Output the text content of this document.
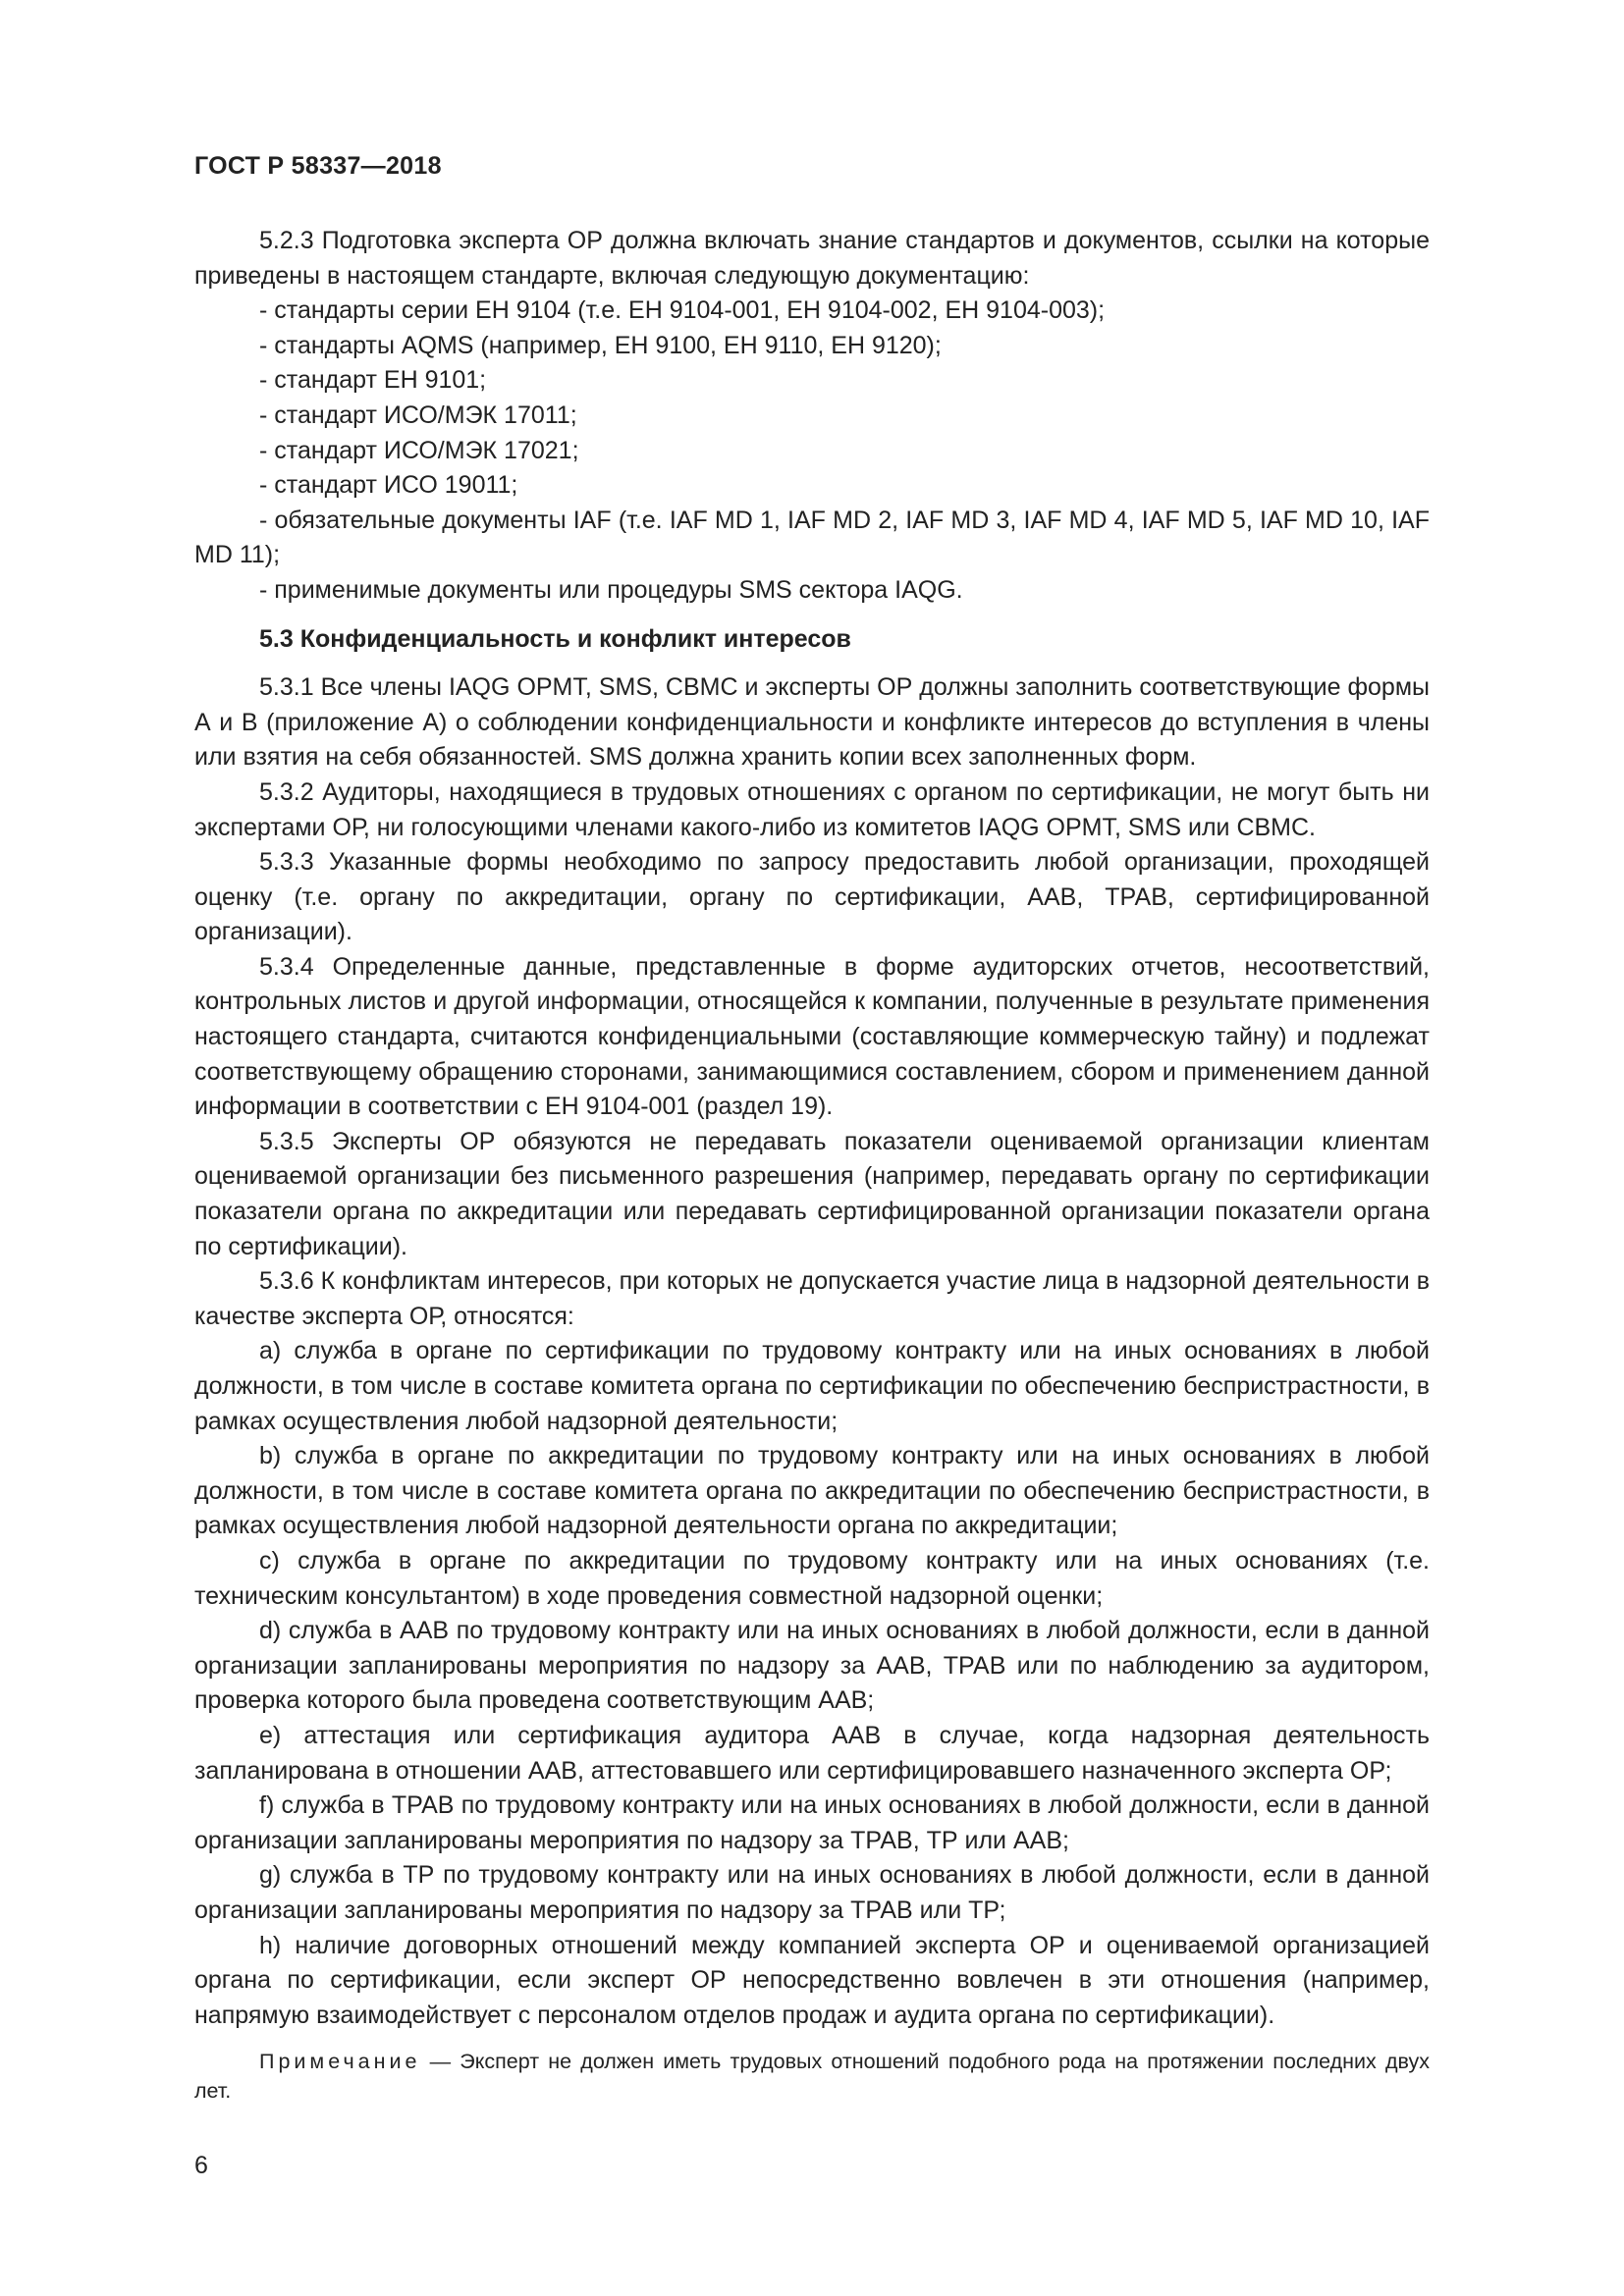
ГОСТ Р 58337—2018

5.2.3 Подготовка эксперта ОР должна включать знание стандартов и документов, ссылки на которые приведены в настоящем стандарте, включая следующую документацию:

- стандарты серии ЕН 9104 (т.е. ЕН 9104-001, ЕН 9104-002, ЕН 9104-003);

- стандарты AQMS (например, ЕН 9100, ЕН 9110, ЕН 9120);

- стандарт ЕН 9101;

- стандарт ИСО/МЭК 17011;

- стандарт ИСО/МЭК 17021;

- стандарт ИСО 19011;

- обязательные документы IAF (т.е. IAF MD 1, IAF MD 2, IAF MD 3, IAF MD 4, IAF MD 5, IAF MD 10, IAF MD 11);

- применимые документы или процедуры SMS сектора IAQG.

5.3 Конфиденциальность и конфликт интересов

5.3.1 Все члены IAQG OPMT, SMS, СВМС и эксперты ОР должны заполнить соответствующие формы А и В (приложение А) о соблюдении конфиденциальности и конфликте интересов до вступления в члены или взятия на себя обязанностей. SMS должна хранить копии всех заполненных форм.

5.3.2 Аудиторы, находящиеся в трудовых отношениях с органом по сертификации, не могут быть ни экспертами ОР, ни голосующими членами какого-либо из комитетов IAQG OPMT, SMS или СВМС.

5.3.3 Указанные формы необходимо по запросу предоставить любой организации, проходящей оценку (т.е. органу по аккредитации, органу по сертификации, ААВ, ТРАВ, сертифицированной организации).

5.3.4 Определенные данные, представленные в форме аудиторских отчетов, несоответствий, контрольных листов и другой информации, относящейся к компании, полученные в результате применения настоящего стандарта, считаются конфиденциальными (составляющие коммерческую тайну) и подлежат соответствующему обращению сторонами, занимающимися составлением, сбором и применением данной информации в соответствии с ЕН 9104-001 (раздел 19).

5.3.5 Эксперты ОР обязуются не передавать показатели оцениваемой организации клиентам оцениваемой организации без письменного разрешения (например, передавать органу по сертификации показатели органа по аккредитации или передавать сертифицированной организации показатели органа по сертификации).

5.3.6 К конфликтам интересов, при которых не допускается участие лица в надзорной деятельности в качестве эксперта ОР, относятся:

a) служба в органе по сертификации по трудовому контракту или на иных основаниях в любой должности, в том числе в составе комитета органа по сертификации по обеспечению беспристрастности, в рамках осуществления любой надзорной деятельности;

b) служба в органе по аккредитации по трудовому контракту или на иных основаниях в любой должности, в том числе в составе комитета органа по аккредитации по обеспечению беспристрастности, в рамках осуществления любой надзорной деятельности органа по аккредитации;

c) служба в органе по аккредитации по трудовому контракту или на иных основаниях (т.е. техническим консультантом) в ходе проведения совместной надзорной оценки;

d) служба в ААВ по трудовому контракту или на иных основаниях в любой должности, если в данной организации запланированы мероприятия по надзору за ААВ, ТРАВ или по наблюдению за аудитором, проверка которого была проведена соответствующим ААВ;

e) аттестация или сертификация аудитора ААВ в случае, когда надзорная деятельность запланирована в отношении ААВ, аттестовавшего или сертифицировавшего назначенного эксперта ОР;

f) служба в ТРАВ по трудовому контракту или на иных основаниях в любой должности, если в данной организации запланированы мероприятия по надзору за ТРАВ, ТР или ААВ;

g) служба в ТР по трудовому контракту или на иных основаниях в любой должности, если в данной организации запланированы мероприятия по надзору за ТРАВ или ТР;

h) наличие договорных отношений между компанией эксперта ОР и оцениваемой организацией органа по сертификации, если эксперт ОР непосредственно вовлечен в эти отношения (например, напрямую взаимодействует с персоналом отделов продаж и аудита органа по сертификации).

Примечание — Эксперт не должен иметь трудовых отношений подобного рода на протяжении последних двух лет.

6
